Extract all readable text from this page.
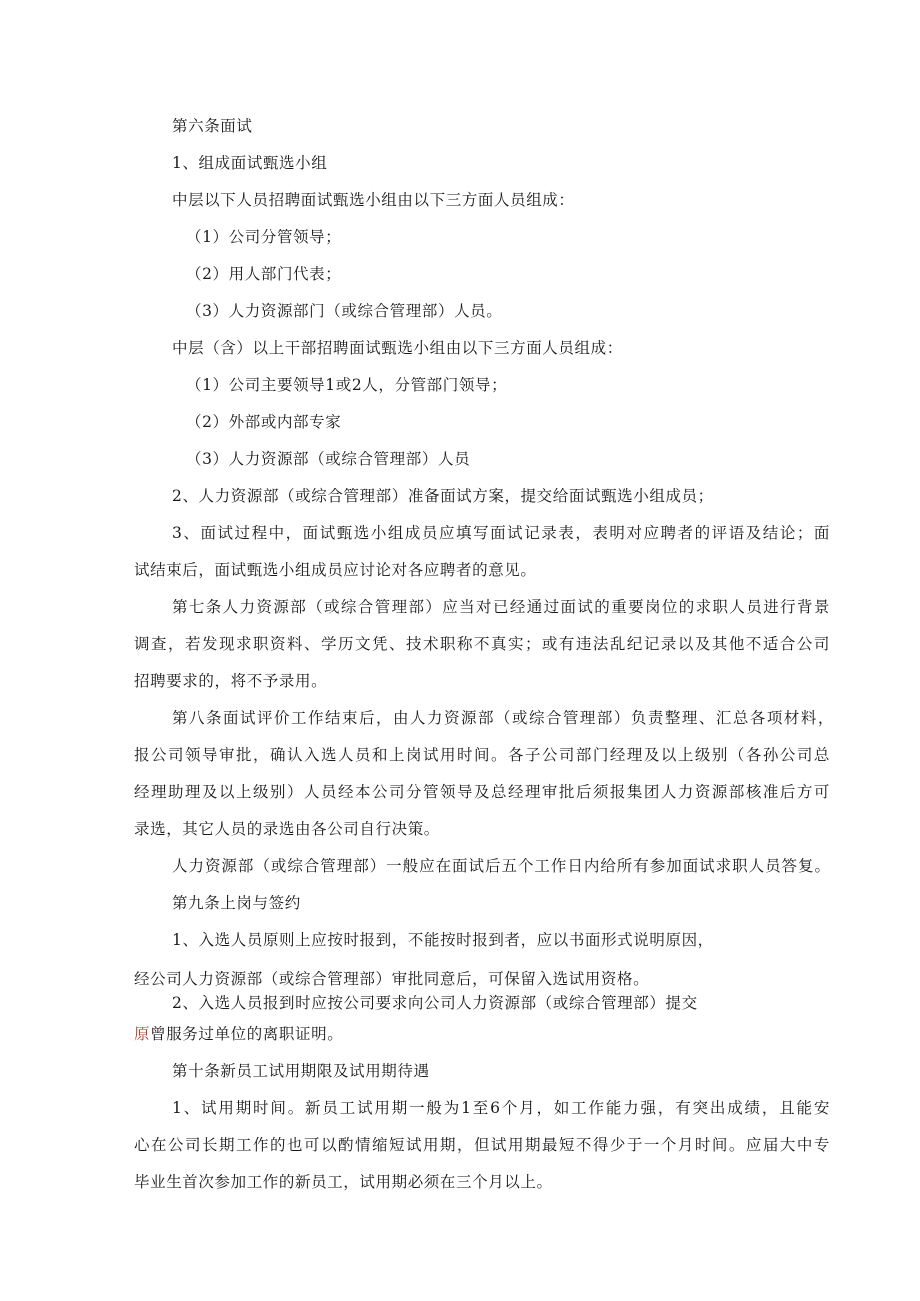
第六条面试
1、组成面试甄选小组
中层以下人员招聘面试甄选小组由以下三方面人员组成：
（1）公司分管领导；
（2）用人部门代表；
（3）人力资源部门（或综合管理部）人员。
中层（含）以上干部招聘面试甄选小组由以下三方面人员组成：
（1）公司主要领导1或2人，分管部门领导；
（2）外部或内部专家
（3）人力资源部（或综合管理部）人员
2、人力资源部（或综合管理部）准备面试方案，提交给面试甄选小组成员；
3、面试过程中，面试甄选小组成员应填写面试记录表，表明对应聘者的评语及结论；面
试结束后，面试甄选小组成员应讨论对各应聘者的意见。
第七条人力资源部（或综合管理部）应当对已经通过面试的重要岗位的求职人员进行背景
调查，若发现求职资料、学历文凭、技术职称不真实；或有违法乱纪记录以及其他不适合公司
招聘要求的，将不予录用。
第八条面试评价工作结束后，由人力资源部（或综合管理部）负责整理、汇总各项材料，
报公司领导审批，确认入选人员和上岗试用时间。各子公司部门经理及以上级别（各孙公司总
经理助理及以上级别）人员经本公司分管领导及总经理审批后须报集团人力资源部核准后方可
录选，其它人员的录选由各公司自行决策。
人力资源部（或综合管理部）一般应在面试后五个工作日内给所有参加面试求职人员答复。
第九条上岗与签约
1、入选人员原则上应按时报到，不能按时报到者，应以书面形式说明原因，
经公司人力资源部（或综合管理部）审批同意后，可保留入选试用资格。
2、入选人员报到时应按公司要求向公司人力资源部（或综合管理部）提交
原曾服务过单位的离职证明。
第十条新员工试用期限及试用期待遇
1、试用期时间。新员工试用期一般为1至6个月，如工作能力强，有突出成绩，且能安
心在公司长期工作的也可以酌情缩短试用期，但试用期最短不得少于一个月时间。应届大中专
毕业生首次参加工作的新员工，试用期必须在三个月以上。
